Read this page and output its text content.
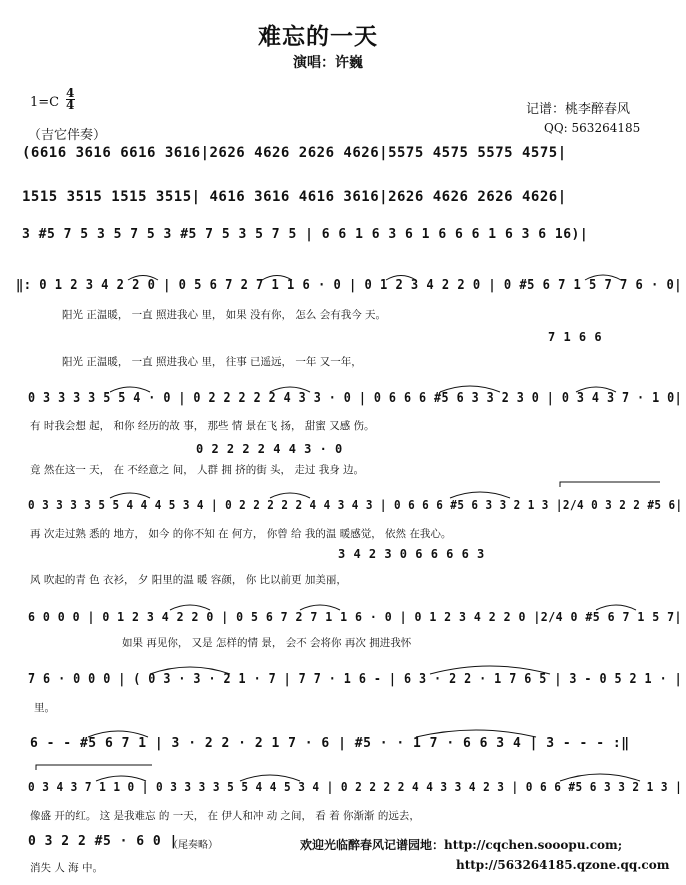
难忘的一天
演唱：许巍
1=C
4
4	记谱：桃李醉春风
QQ: 563264185
（吉它伴奏）
(6616 3616 6616 3616|2626 4626 2626 4626|5575 4575 5575 4575|
1515 3515 1515 3515| 4616 3616 4616 3616|2626 4626 2626 4626|
3 #5 7 5 3 5 7 5 3 #5 7 5 3 5 7 5 | 6 6 1 6 3 6 1 6 6 6 1 6 3 6 16)|
‖: 0 1 2 3 4 2 2 0 | 0 5 6 7 2 7 1 1 6 · 0 | 0 1 2 3 4 2 2 0 | 0 #5 6 7 1 5 7 7 6 · 0|
阳光 正温暖， 一直 照进我心 里， 如果 没有你， 怎么 会有我今 天。
阳光 正温暖， 一直 照进我心 里， 往事 已遥远， 一年 又一年，
7 1 6 6
0 3 3 3 3 5 5 4 · 0 | 0 2 2 2 2 2 4 3 3 · 0 | 0 6 6 6 #5 6 3 3 2 3 0 | 0 3 4 3 7 · 1 0|
有 时我会想 起， 和你 经历的故 事， 那些 情 景在飞 扬， 甜蜜 又感 伤。
0 2 2 2 2 4 4 3 · 0
竟 然在这一 天， 在 不经意之 间， 人群 拥 挤的街 头， 走过 我身 边。
0 3 3 3 3 5 5 4 4 4 5 3 4 | 0 2 2 2 2 2 4 4 3 4 3 | 0 6 6 6 #5 6 3 3 2 1 3 |2/4 0 3 2 2 #5 6|
再 次走过熟 悉的 地方， 如今 的你不知 在 何方， 你曾 给 我的温 暖感觉， 依然 在我心。
3 4 2 3 0 6 6 6 6 3
风 吹起的青 色 衣衫， 夕 阳里的温 暖 容颜， 你 比以前更 加美丽，
6 0 0 0 | 0 1 2 3 4 2 2 0 | 0 5 6 7 2 7 1 1 6 · 0 | 0 1 2 3 4 2 2 0 |2/4 0 #5 6 7 1 5 7|
如果 再见你， 又是 怎样的情 景， 会不 会将你 再次 拥进我怀
7 6 · 0 0 0 | ( 0 3 · 3 · 2 1 · 7 | 7 7 · 1 6 - | 6 3 · 2 2 · 1 7 6 5 | 3 - 0 5 2 1 · |
里。
6 - - #5 6 7 1 | 3 · 2 2 · 2 1 7 · 6 | #5 · · 1 7 · 6 6 3 4 | 3 - - - :‖
0 3 4 3 7 1 1 0 | 0 3 3 3 3 5 5 4 4 5 3 4 | 0 2 2 2 2 4 4 3 3 4 2 3 | 0 6 6 #5 6 3 3 2 1 3 |
像盛 开的红。 这 是我难忘 的 一天， 在 伊人和冲 动 之间， 看 着 你渐渐 的远去，
0 3 2 2 #5 · 6 0 |
（尾奏略）
消失 人 海 中。
欢迎光临醉春风记谱园地：http://cqchen.sooopu.com;
http://563264185.qzone.qq.com
